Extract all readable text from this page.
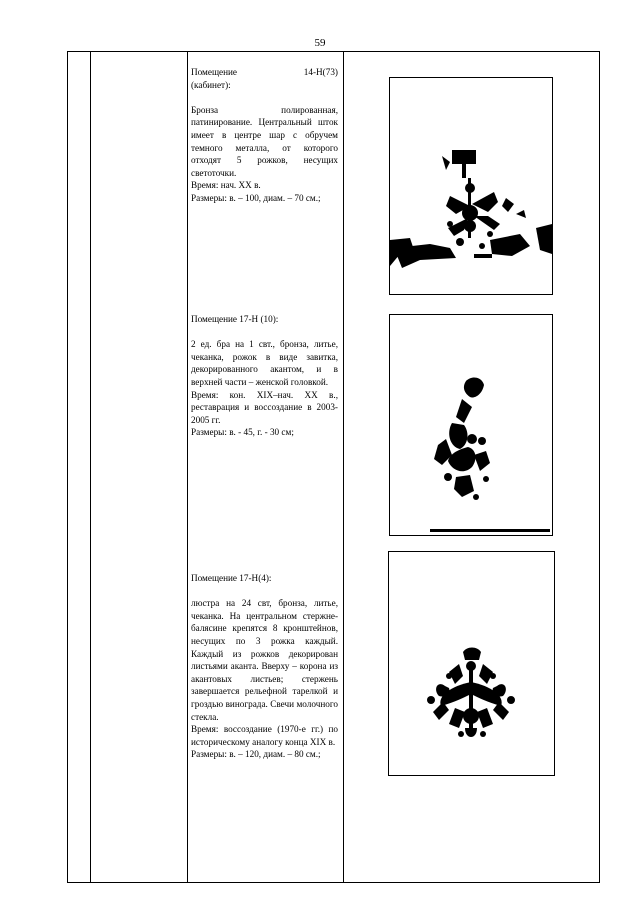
59
Помещение	14-Н(73)
(кабинет):
Бронза полированная, патинирование. Центральный шток имеет в центре шар с обручем темного металла, от которого отходят 5 рожков, несущих светоточки.
Время: нач. ХХ в.
Размеры: в. – 100, диам. – 70 см.;
Помещение 17-Н (10):
2 ед. бра на 1 свт., бронза, литье, чеканка, рожок в виде завитка, декорированного акантом, и в верхней части – женской головкой.
Время: кон. XIX–нач. XX в., реставрация и воссоздание в 2003-2005 гг.
Размеры: в. - 45, г. - 30 см;
Помещение 17-Н(4):
люстра на 24 свт, бронза, литье, чеканка. На центральном стержне-балясине крепятся 8 кронштейнов, несущих по 3 рожка каждый. Каждый из рожков декорирован листьями аканта. Вверху – корона из акантовых листьев; стержень завершается рельефной тарелкой и гроздью винограда. Свечи молочного стекла.
Время: воссоздание (1970-е гг.) по историческому аналогу конца XIX в.
Размеры: в. – 120, диам. – 80 см.;
